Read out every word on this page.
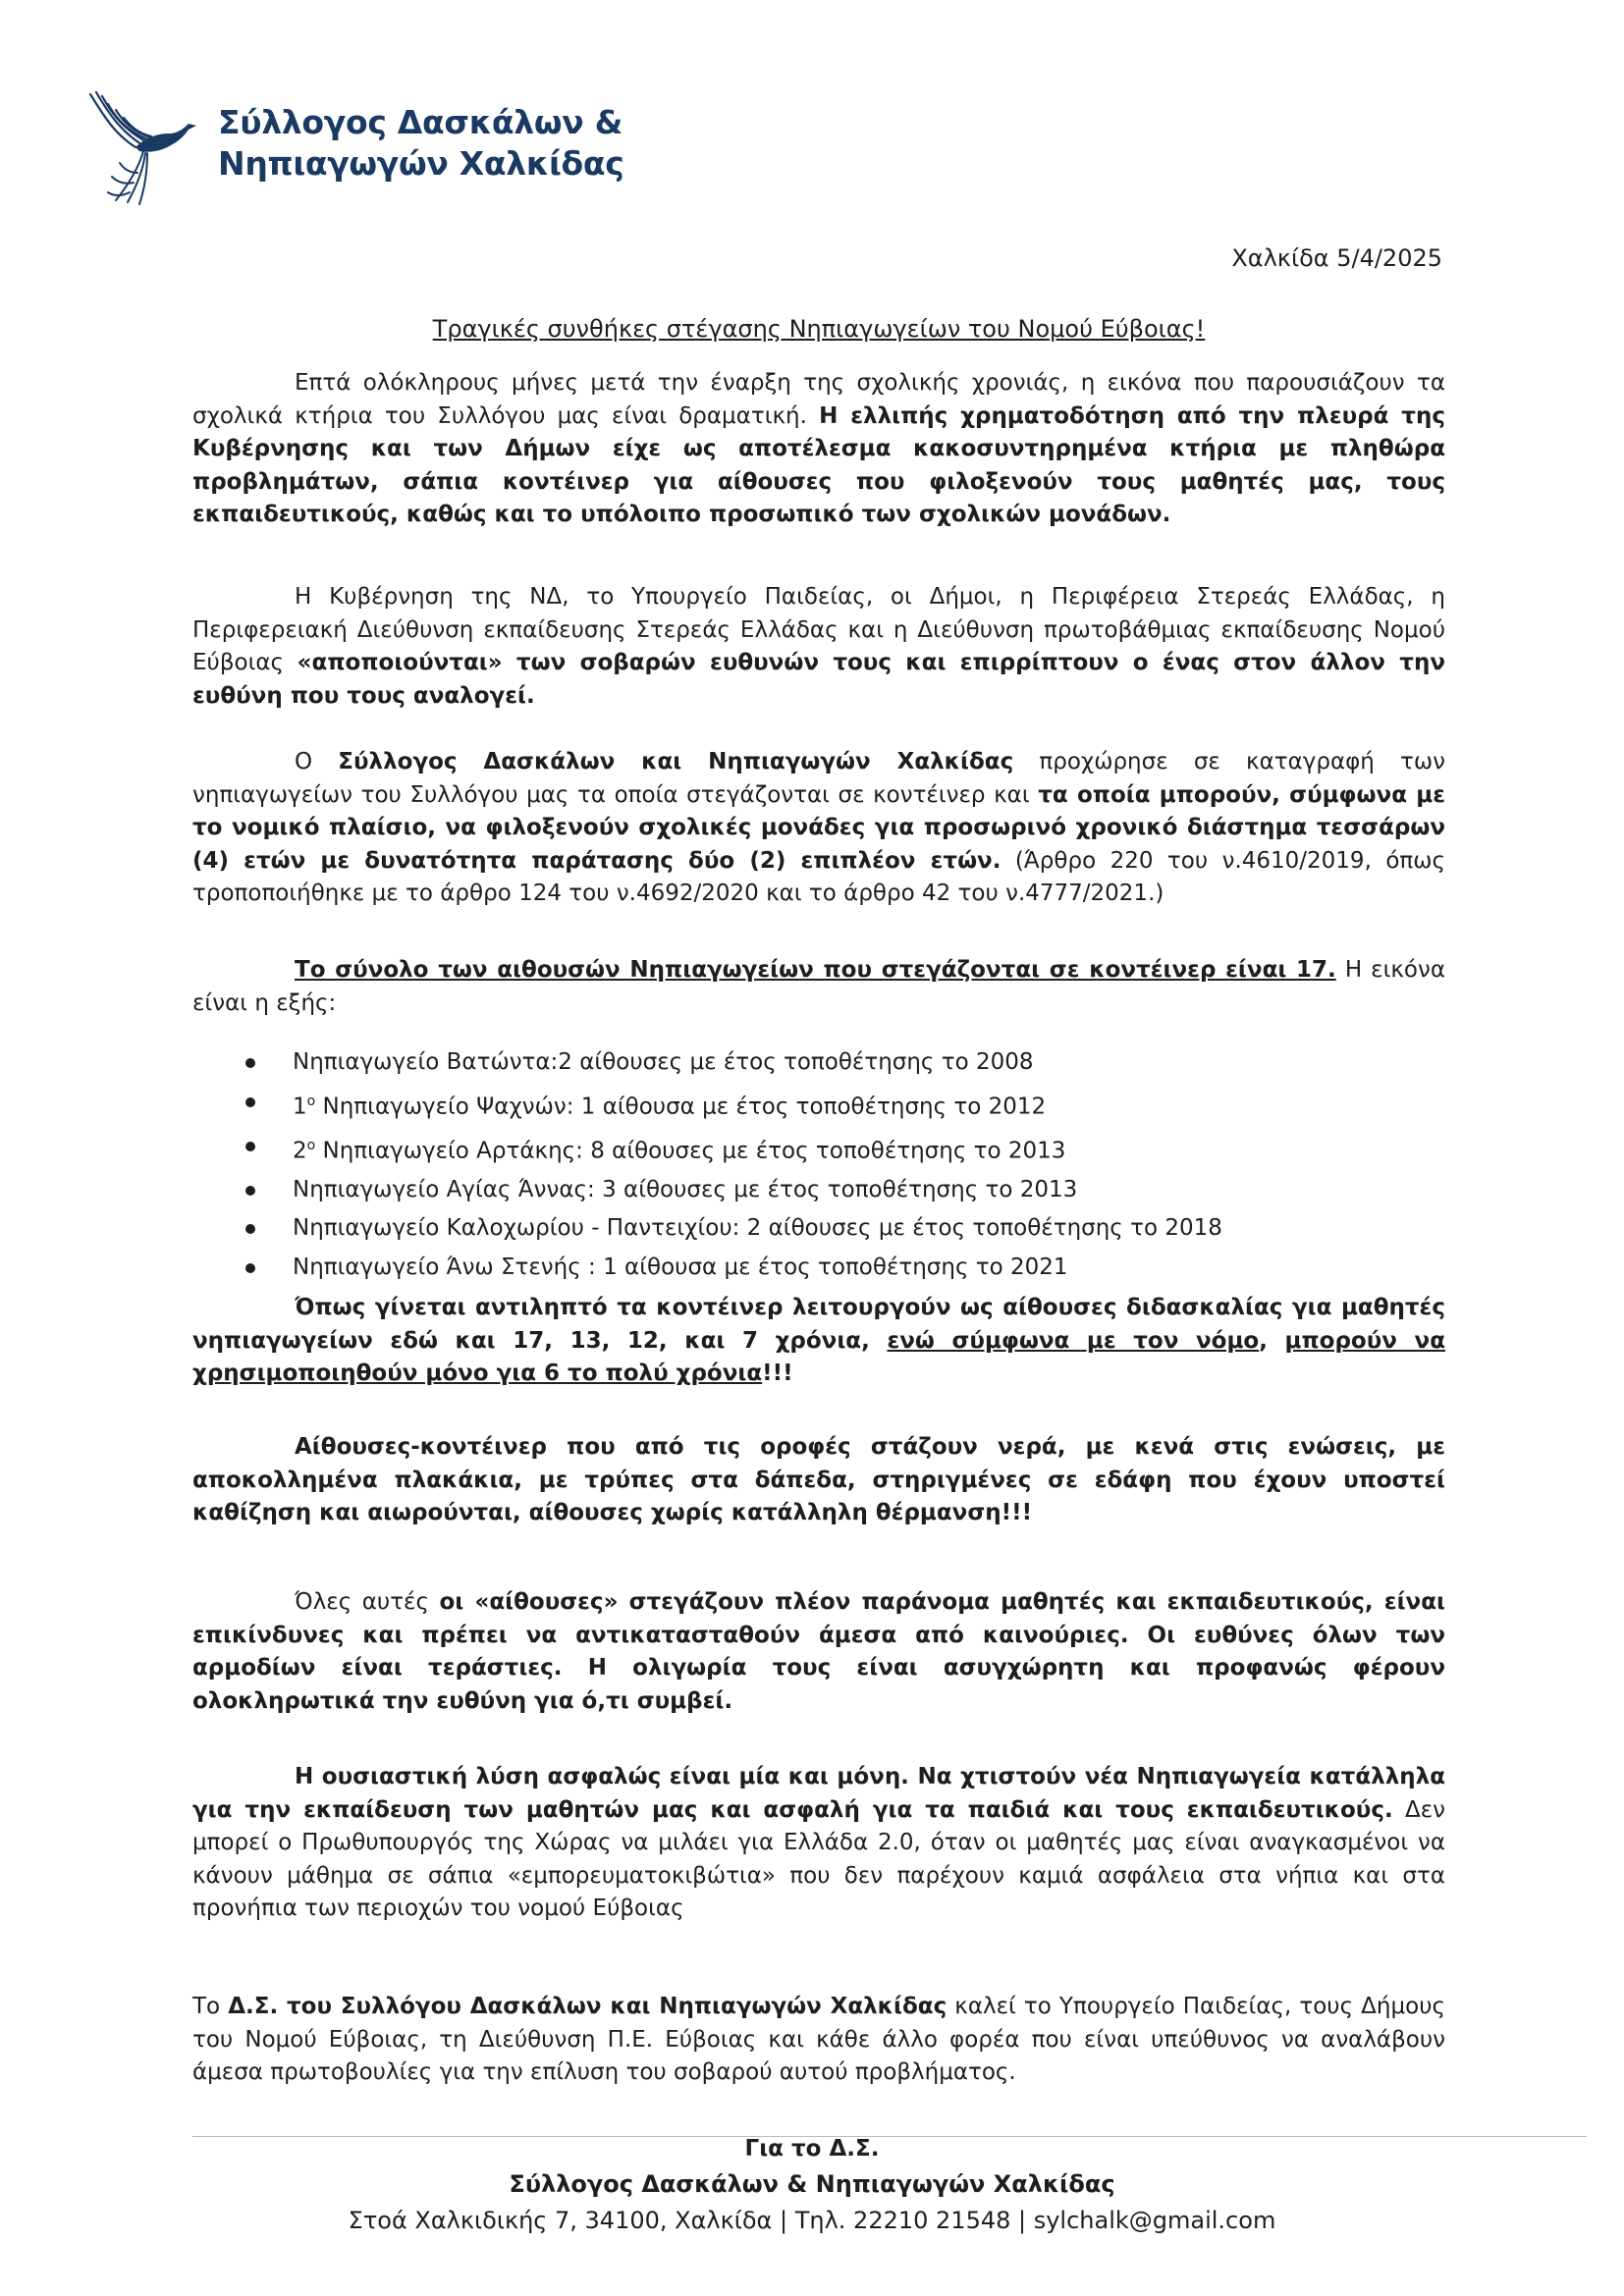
Σύλλογος Δασκάλων &
Νηπιαγωγών Χαλκίδας
Χαλκίδα 5/4/2025
Τραγικές συνθήκες στέγασης Νηπιαγωγείων του Νομού Εύβοιας!
Επτά ολόκληρους μήνες μετά την έναρξη της σχολικής χρονιάς, η εικόνα που παρουσιάζουν τα σχολικά κτήρια του Συλλόγου μας είναι δραματική. Η ελλιπής χρηματοδότηση από την πλευρά της Κυβέρνησης και των Δήμων είχε ως αποτέλεσμα κακοσυντηρημένα κτήρια με πληθώρα προβλημάτων, σάπια κοντέινερ για αίθουσες που φιλοξενούν τους μαθητές μας, τους εκπαιδευτικούς, καθώς και το υπόλοιπο προσωπικό των σχολικών μονάδων.
Η Κυβέρνηση της ΝΔ, το Υπουργείο Παιδείας, οι Δήμοι, η Περιφέρεια Στερεάς Ελλάδας, η Περιφερειακή Διεύθυνση εκπαίδευσης Στερεάς Ελλάδας και η Διεύθυνση πρωτοβάθμιας εκπαίδευσης Νομού Εύβοιας «αποποιούνται» των σοβαρών ευθυνών τους και επιρρίπτουν ο ένας στον άλλον την ευθύνη που τους αναλογεί.
Ο Σύλλογος Δασκάλων και Νηπιαγωγών Χαλκίδας προχώρησε σε καταγραφή των νηπιαγωγείων του Συλλόγου μας τα οποία στεγάζονται σε κοντέινερ και τα οποία μπορούν, σύμφωνα με το νομικό πλαίσιο, να φιλοξενούν σχολικές μονάδες για προσωρινό χρονικό διάστημα τεσσάρων (4) ετών με δυνατότητα παράτασης δύο (2) επιπλέον ετών. (Άρθρο 220 του ν.4610/2019, όπως τροποποιήθηκε με το άρθρο 124 του ν.4692/2020 και το άρθρο 42 του ν.4777/2021.)
Το σύνολο των αιθουσών Νηπιαγωγείων που στεγάζονται σε κοντέινερ είναι 17. Η εικόνα είναι η εξής:
Νηπιαγωγείο Βατώντα:2 αίθουσες με έτος τοποθέτησης το 2008
$1^o$ Νηπιαγωγείο Ψαχνών: 1 αίθουσα με έτος τοποθέτησης το 2012
$2^o$ Νηπιαγωγείο Αρτάκης: 8 αίθουσες με έτος τοποθέτησης το 2013
Νηπιαγωγείο Αγίας Άννας: 3 αίθουσες με έτος τοποθέτησης το 2013
Νηπιαγωγείο Καλοχωρίου - Παντειχίου: 2 αίθουσες με έτος τοποθέτησης το 2018
Νηπιαγωγείο Άνω Στενής : 1 αίθουσα με έτος τοποθέτησης το 2021
Όπως γίνεται αντιληπτό τα κοντέινερ λειτουργούν ως αίθουσες διδασκαλίας για μαθητές νηπιαγωγείων εδώ και 17, 13, 12, και 7 χρόνια, ενώ σύμφωνα με τον νόμο, μπορούν να χρησιμοποιηθούν μόνο για 6 το πολύ χρόνια!!!
Αίθουσες-κοντέινερ που από τις οροφές στάζουν νερά, με κενά στις ενώσεις, με αποκολλημένα πλακάκια, με τρύπες στα δάπεδα, στηριγμένες σε εδάφη που έχουν υποστεί καθίζηση και αιωρούνται, αίθουσες χωρίς κατάλληλη θέρμανση!!!
Όλες αυτές οι «αίθουσες» στεγάζουν πλέον παράνομα μαθητές και εκπαιδευτικούς, είναι επικίνδυνες και πρέπει να αντικατασταθούν άμεσα από καινούριες. Οι ευθύνες όλων των αρμοδίων είναι τεράστιες. Η ολιγωρία τους είναι ασυγχώρητη και προφανώς φέρουν ολοκληρωτικά την ευθύνη για ό,τι συμβεί.
Η ουσιαστική λύση ασφαλώς είναι μία και μόνη. Να χτιστούν νέα Νηπιαγωγεία κατάλληλα για την εκπαίδευση των μαθητών μας και ασφαλή για τα παιδιά και τους εκπαιδευτικούς. Δεν μπορεί ο Πρωθυπουργός της Χώρας να μιλάει για Ελλάδα 2.0, όταν οι μαθητές μας είναι αναγκασμένοι να κάνουν μάθημα σε σάπια «εμπορευματοκιβώτια» που δεν παρέχουν καμιά ασφάλεια στα νήπια και στα προνήπια των περιοχών του νομού Εύβοιας
Το Δ.Σ. του Συλλόγου Δασκάλων και Νηπιαγωγών Χαλκίδας καλεί το Υπουργείο Παιδείας, τους Δήμους του Νομού Εύβοιας, τη Διεύθυνση Π.Ε. Εύβοιας και κάθε άλλο φορέα που είναι υπεύθυνος να αναλάβουν άμεσα πρωτοβουλίες για την επίλυση του σοβαρού αυτού προβλήματος.
Για το Δ.Σ.
Σύλλογος Δασκάλων & Νηπιαγωγών Χαλκίδας
Στοά Χαλκιδικής 7, 34100, Χαλκίδα | Τηλ. 22210 21548 | sylchalk@gmail.com
